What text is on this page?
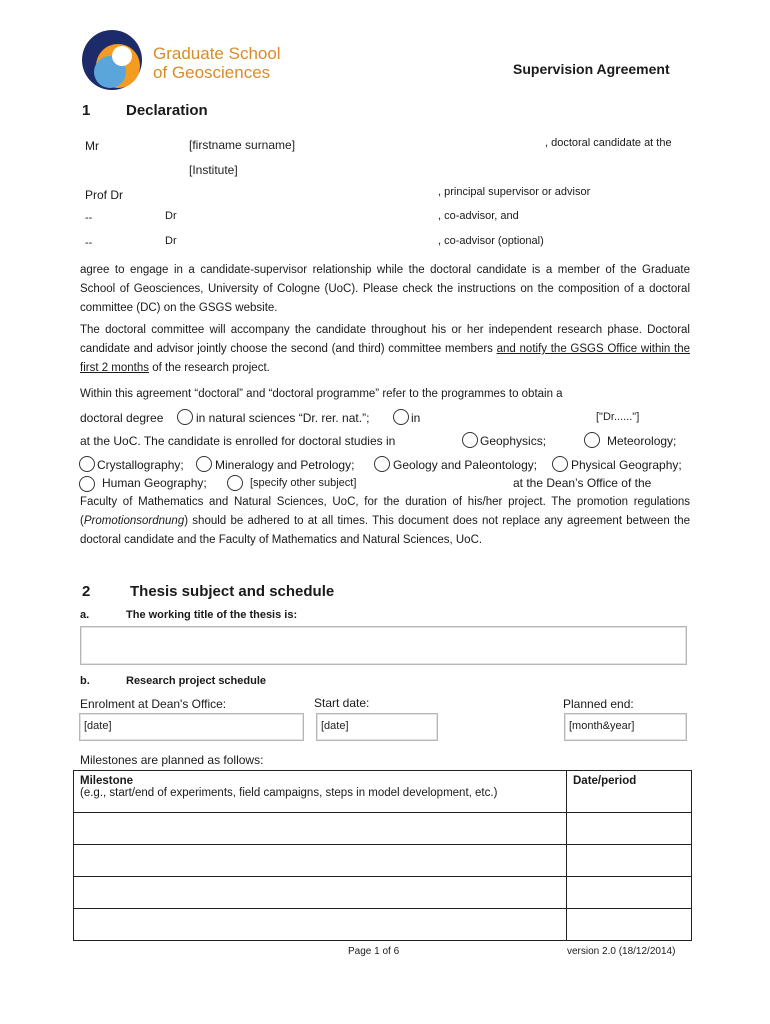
Graduate School
of Geosciences	Supervision Agreement
1 Declaration
Mr	[firstname surname]	, doctoral candidate at the
[Institute]
Prof Dr	, principal supervisor or advisor
--	Dr	, co-advisor, and
--	Dr	, co-advisor (optional)
agree to engage in a candidate-supervisor relationship while the doctoral candidate is a member of the Graduate School of Geosciences, University of Cologne (UoC). Please check the instructions on the composition of a doctoral committee (DC) on the GSGS website.
The doctoral committee will accompany the candidate throughout his or her independent research phase. Doctoral candidate and advisor jointly choose the second (and third) committee members and notify the GSGS Office within the first 2 months of the research project.
Within this agreement “doctoral” and “doctoral programme” refer to the programmes to obtain a
doctoral degree	in natural sciences “Dr. rer. nat.”;	in	["Dr......"]
at the UoC. The candidate is enrolled for doctoral studies in	Geophysics;	Meteorology;
Crystallography;	Mineralogy and Petrology;	Geology and Paleontology;	Physical Geography;
Human Geography;	[specify other subject]	at the Dean’s Office of the
Faculty of Mathematics and Natural Sciences, UoC, for the duration of his/her project. The promotion regulations (Promotionsordnung) should be adhered to at all times. This document does not replace any agreement between the doctoral candidate and the Faculty of Mathematics and Natural Sciences, UoC.
2	Thesis subject and schedule
a.	The working title of the thesis is:
b.	Research project schedule
Enrolment at Dean's Office:	Start date:	Planned end:
[date]	[date]	[month&year]
Milestones are planned as follows:
Milestone
(e.g., start/end of experiments, field campaigns, steps in model development, etc.)	Date/period

Page 1 of 6	version 2.0 (18/12/2014)
